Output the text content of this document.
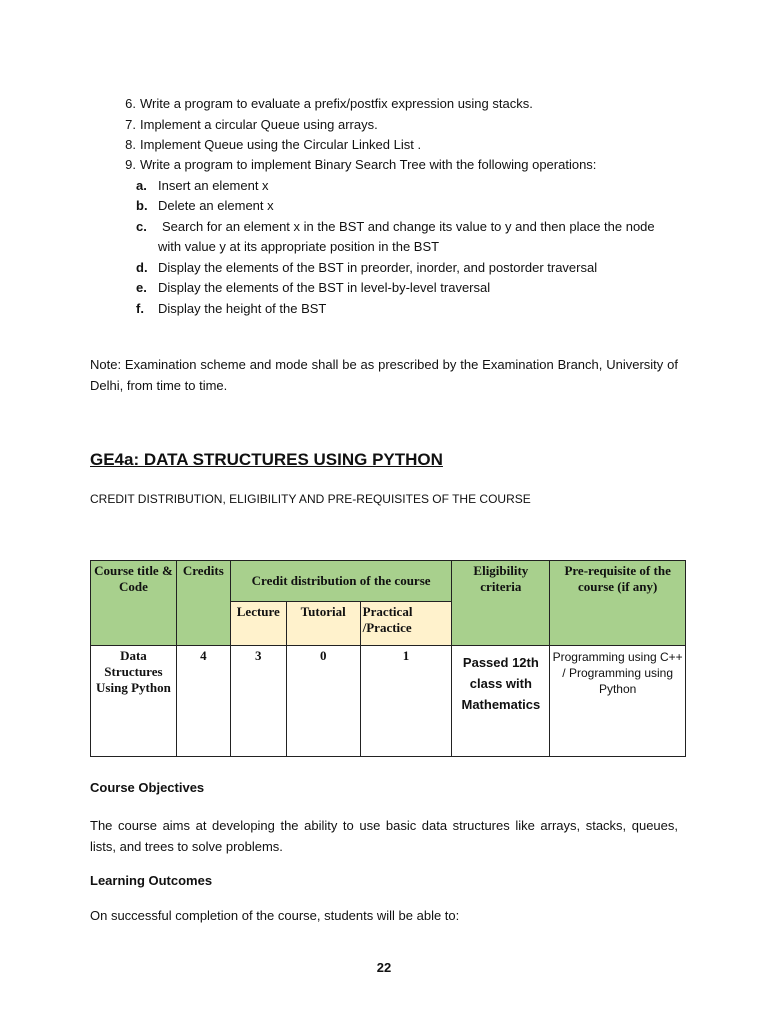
6. Write a program to evaluate a prefix/postfix expression using stacks.
7. Implement a circular Queue using arrays.
8. Implement Queue using the Circular Linked List .
9. Write a program to implement Binary Search Tree with the following operations:
a. Insert an element x
b. Delete an element x
c.	Search for an element x in the BST and change its value to y and then place the node
with value y at its appropriate position in the BST
d. Display the elements of the BST in preorder, inorder, and postorder traversal
e. Display the elements of the BST in level-by-level traversal
f.	Display the height of the BST
Note: Examination scheme and mode shall be as prescribed by the Examination Branch, University of Delhi, from time to time.
GE4a: DATA STRUCTURES USING PYTHON
CREDIT DISTRIBUTION, ELIGIBILITY AND PRE-REQUISITES OF THE COURSE
Course title & Code	Credits	Credit distribution of the course			Eligibility criteria	Pre-requisite of the course (if any)
		Lecture	Tutorial	Practical /Practice		
Data Structures Using Python	4	3	0	1	Passed 12th class with Mathematics	Programming using C++ / Programming using Python
Course Objectives
The course aims at developing the ability to use basic data structures like arrays, stacks, queues, lists, and trees to solve problems.
Learning Outcomes
On successful completion of the course, students will be able to:
22
